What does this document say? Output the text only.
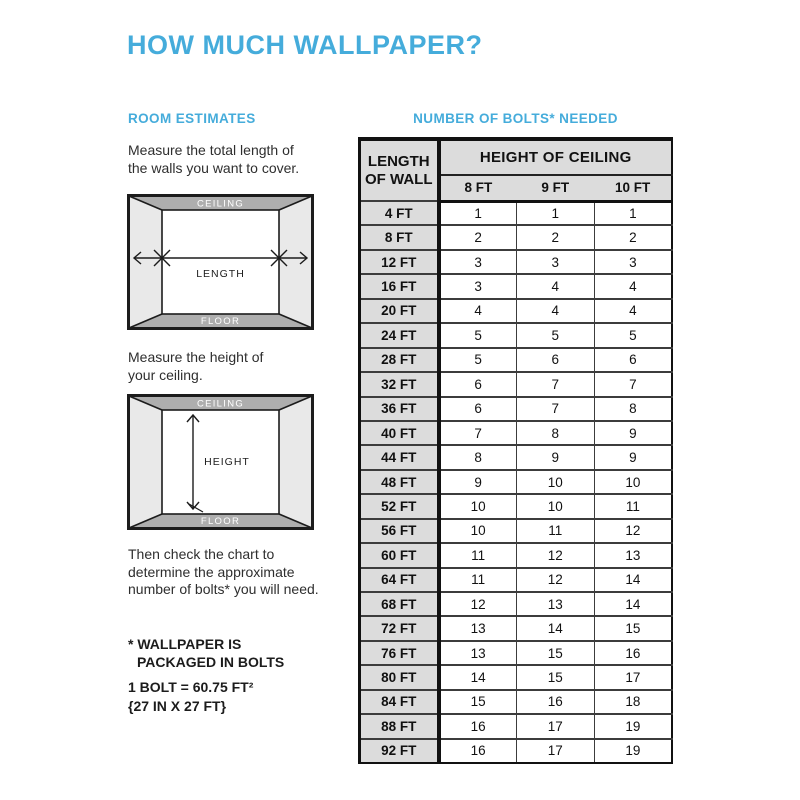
HOW MUCH WALLPAPER?
ROOM ESTIMATES	NUMBER OF BOLTS* NEEDED
Measure the total length of
the walls you want to cover.
CEILING
FLOOR
LENGTH
Measure the height of
your ceiling.
CEILING
FLOOR
HEIGHT
Then check the chart to
determine the approximate
number of bolts* you will need.
* WALLPAPER IS
PACKAGED IN BOLTS
1 BOLT = 60.75 FT²
{27 IN X 27 FT}
LENGTH
OF WALL	HEIGHT OF CEILING		
	8 FT	9 FT	10 FT
4 FT	1	1	1
8 FT	2	2	2
12 FT	3	3	3
16 FT	3	4	4
20 FT	4	4	4
24 FT	5	5	5
28 FT	5	6	6
32 FT	6	7	7
36 FT	6	7	8
40 FT	7	8	9
44 FT	8	9	9
48 FT	9	10	10
52 FT	10	10	11
56 FT	10	11	12
60 FT	11	12	13
64 FT	11	12	14
68 FT	12	13	14
72 FT	13	14	15
76 FT	13	15	16
80 FT	14	15	17
84 FT	15	16	18
88 FT	16	17	19
92 FT	16	17	19
